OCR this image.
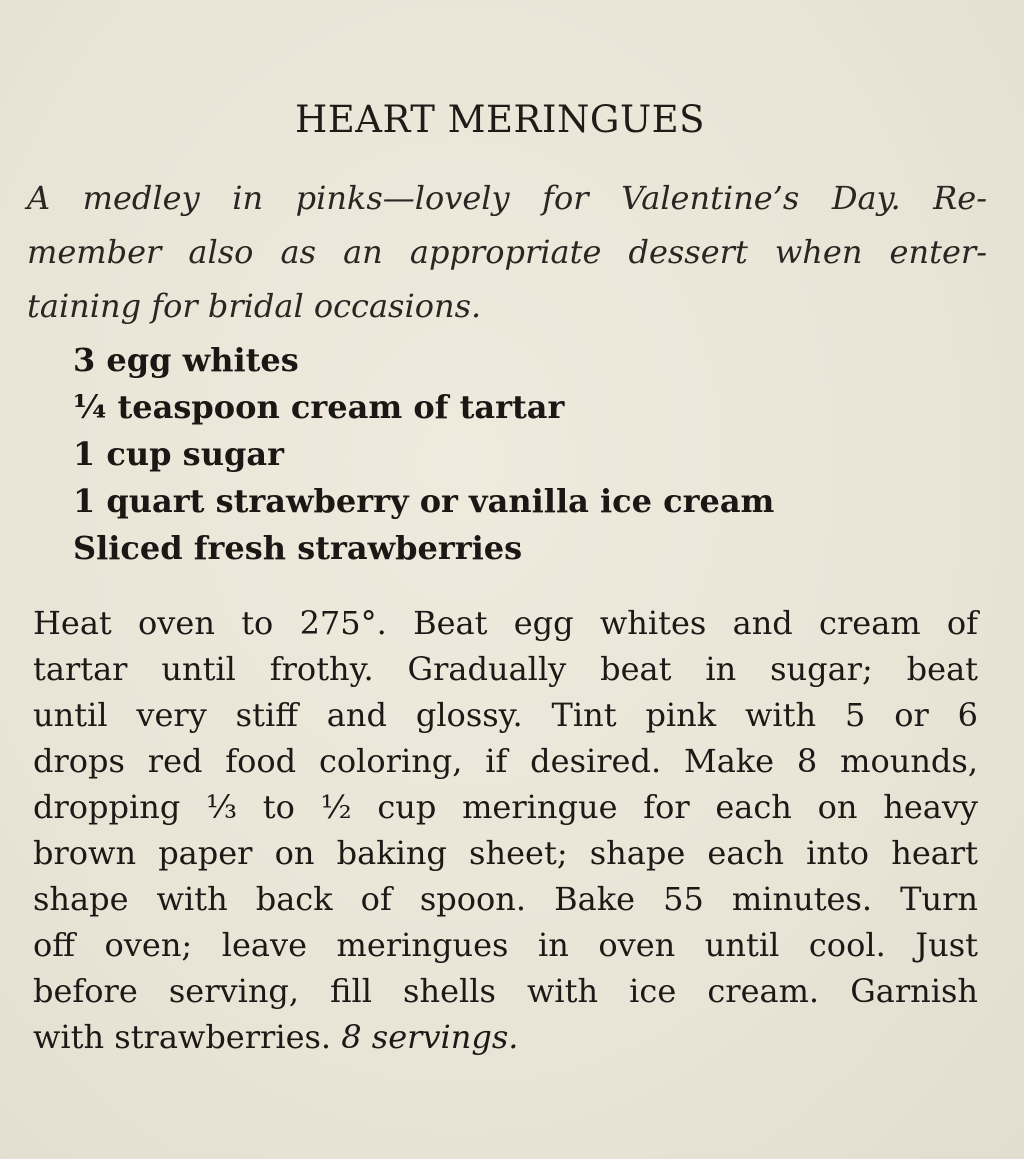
HEART MERINGUES

A medley in pinks—lovely for Valentine’s Day. Re-
member also as an appropriate dessert when enter-
taining for bridal occasions.

3 egg whites
¼ teaspoon cream of tartar
1 cup sugar
1 quart strawberry or vanilla ice cream
Sliced fresh strawberries

Heat oven to 275°. Beat egg whites and cream of
tartar until frothy. Gradually beat in sugar; beat
until very stiff and glossy. Tint pink with 5 or 6
drops red food coloring, if desired. Make 8 mounds,
dropping ⅓ to ½ cup meringue for each on heavy
brown paper on baking sheet; shape each into heart
shape with back of spoon. Bake 55 minutes. Turn
off oven; leave meringues in oven until cool. Just
before serving, fill shells with ice cream. Garnish
with strawberries. 8 servings.
